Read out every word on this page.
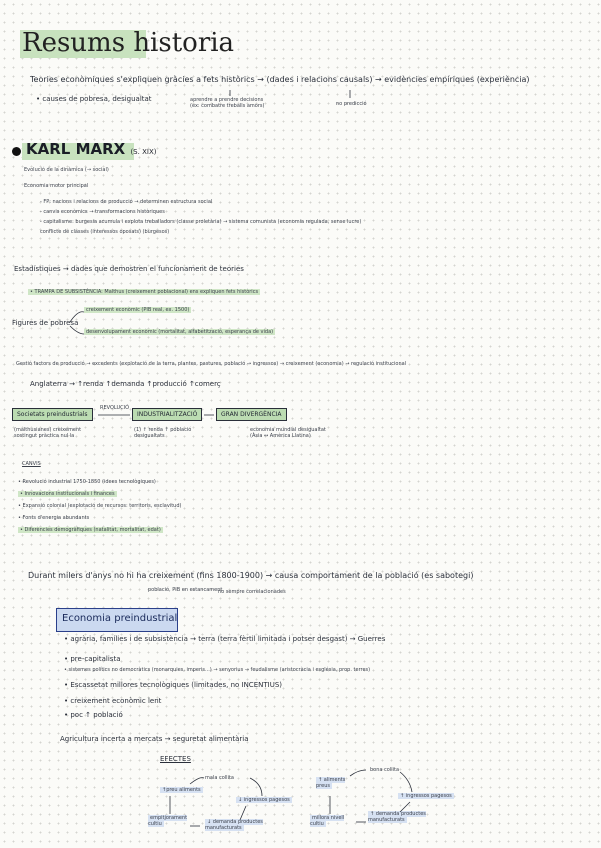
Resums historia
Teories econòmiques s'expliquen gràcies a fets històrics → (dades i relacions causals) → evidències empíriques (experiència)
• causes de pobresa, desigualtat	aprendre a prendre decisions (ex: combatre treballs amors)	no predicció
KARL MARX (S. XIX)
Evolució de la dinàmica (→ social)
Economia motor principal
- FP: nacions i relacions de producció → determinen estructura social
- canvis econòmics → transformacions històriques
- capitalisme: burgesia acumula i explota treballadors (classe proletària) → sistema comunista (economia regulada, sense lucre)
conflicte de classes (interessos oposats) (burgesos)
Estadístiques → dades que demostren el funcionament de teories
• TRAMPA DE SUBSISTÈNCIA: Malthus (creixement poblacional) ens expliquen fets històrics
Figures de pobresa
creixement econòmic (PIB real, ex. 1500)
desenvolupament econòmic (mortalitat, alfabetització, esperança de vida)
Gestió factors de producció → excedents (explotació de la terra, plantes, pastures, població → ingressos) → creixement (economia) → regulació institucional
Anglaterra → ↑renda ↑demanda ↑producció ↑comerç
Societats preindustrials
REVOLUCIÓ
INDUSTRIALITZACIÓ	GRAN DIVERGÈNCIA
(malthusianes) creixement sostingut pràctica nul·la
(1) ↑ renda ↑ població desigualtats
economia mundial desigualtat (Àsia ↔ Amèrica Llatina)
CANVIS
• Revolució industrial 1750-1850 (idees tecnològiques)
• Innovacions institucionals i finances
• Expansió colonial (explotació de recursos: territoris, esclavitud)
• Fonts d'energia abundants
• Diferències demogràfiques (natalitat, mortalitat, edat)
Durant milers d'anys no hi ha creixement (fins 1800-1900) → causa comportament de la població (es sabotegi)
població, PIB en estancament
no sempre correlacionades
Economia preindustrial
• agrària, famílies i de subsistència → terra (terra fèrtil limitada i potser desgast) → Guerres
• pre-capitalista
• sistemes polítics no democràtics (monarquies, imperis...) → senyorius → feudalisme (aristocràcia i església, prop. terres)
• Escassetat millores tecnològiques (limitades, no INCENTIUS)
• creixement econòmic lent
• poc ↑ població
Agricultura incerta a mercats → seguretat alimentària
EFECTES
mala collita
↑preu aliments
↓ ingressos pagesos
empitjorament cultiu	↓ demanda productes manufacturats
bona collita
↑ aliments preus
↑ ingressos pagesos
millora nivell cultiu
↑ demanda productes manufacturats
